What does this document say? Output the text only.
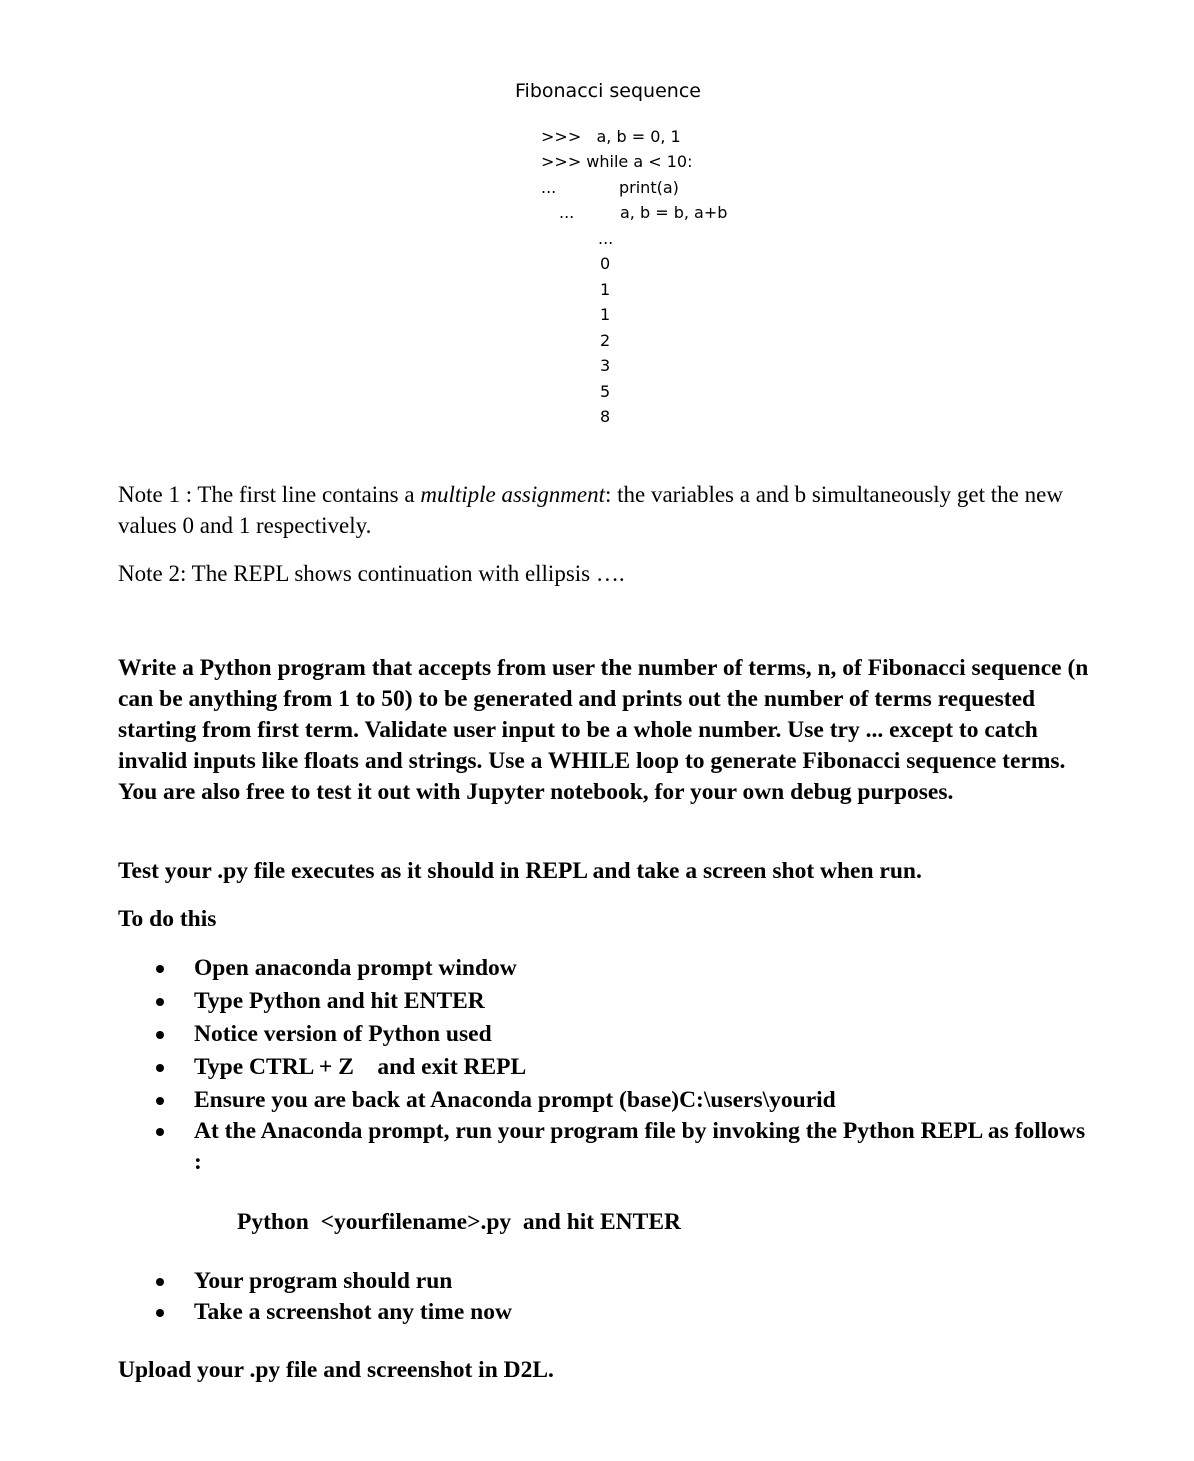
Fibonacci sequence
>>> a, b = 0, 1
>>> while a < 10:
...	print(a)
...	a, b = b, a+b
...
0
1
1
2
3
5
8
Note 1 : The first line contains a multiple assignment: the variables a and b simultaneously get the new values 0 and 1 respectively.
Note 2: The REPL shows continuation with ellipsis ….
Write a Python program that accepts from user the number of terms, n, of Fibonacci sequence (n can be anything from 1 to 50) to be generated and prints out the number of terms requested starting from first term. Validate user input to be a whole number. Use try ... except to catch invalid inputs like floats and strings. Use a WHILE loop to generate Fibonacci sequence terms. You are also free to test it out with Jupyter notebook, for your own debug purposes.
Test your .py file executes as it should in REPL and take a screen shot when run.
To do this
Open anaconda prompt window
Type Python and hit ENTER
Notice version of Python used
Type CTRL + Z    and exit REPL
Ensure you are back at Anaconda prompt (base)C:\users\yourid
At the Anaconda prompt, run your program file by invoking the Python REPL as follows :
Python  <yourfilename>.py  and hit ENTER
Your program should run
Take a screenshot any time now
Upload your .py file and screenshot in D2L.
